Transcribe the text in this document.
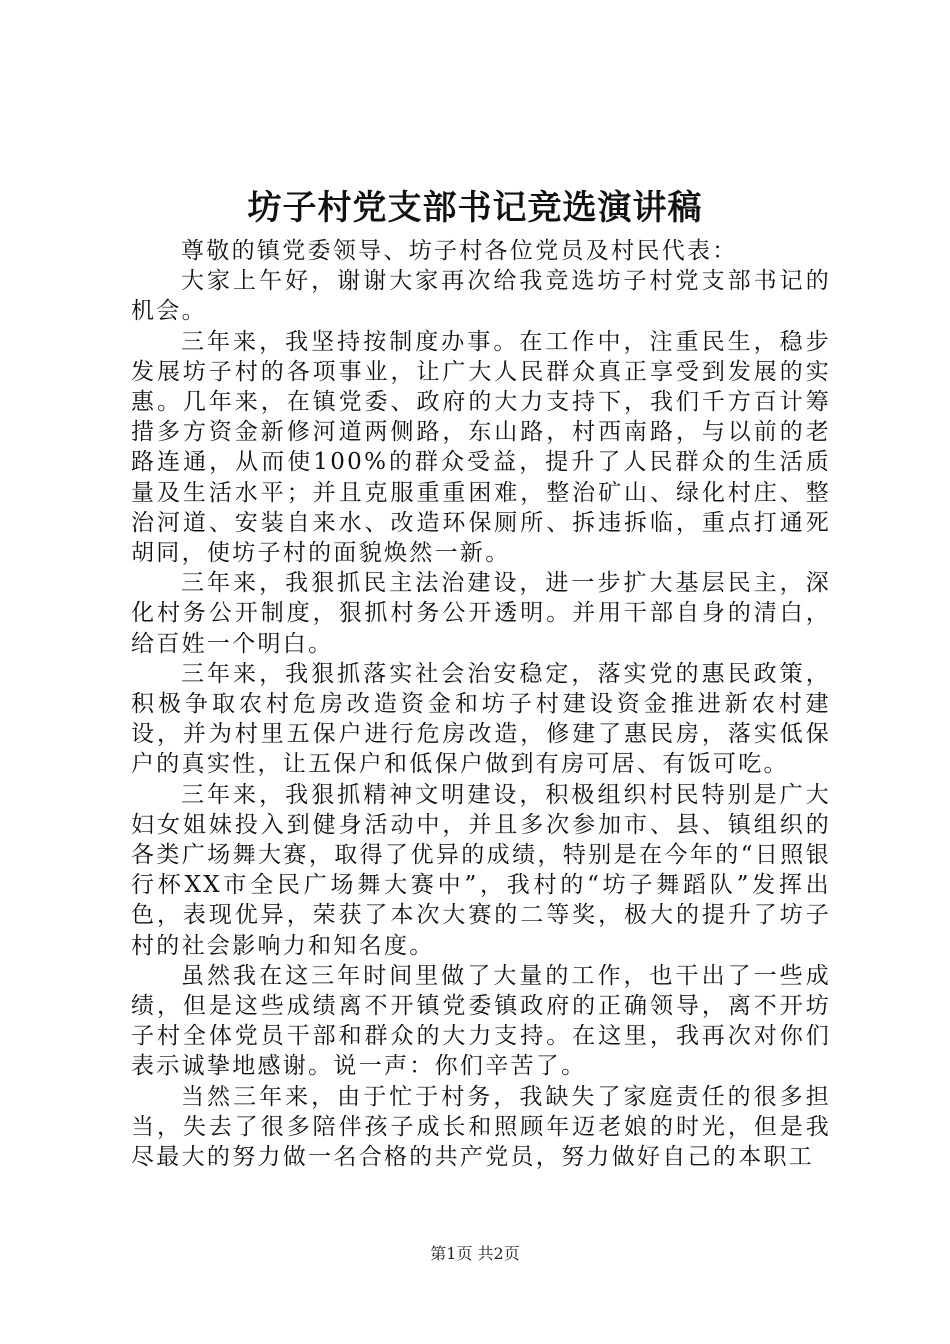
坊子村党支部书记竞选演讲稿

尊敬的镇党委领导、坊子村各位党员及村民代表：

大家上午好，谢谢大家再次给我竞选坊子村党支部书记的机会。

三年来，我坚持按制度办事。在工作中，注重民生，稳步发展坊子村的各项事业，让广大人民群众真正享受到发展的实惠。几年来，在镇党委、政府的大力支持下，我们千方百计筹措多方资金新修河道两侧路，东山路，村西南路，与以前的老路连通，从而使100%的群众受益，提升了人民群众的生活质量及生活水平；并且克服重重困难，整治矿山、绿化村庄、整治河道、安装自来水、改造环保厕所、拆违拆临，重点打通死胡同，使坊子村的面貌焕然一新。

三年来，我狠抓民主法治建设，进一步扩大基层民主，深化村务公开制度，狠抓村务公开透明。并用干部自身的清白，给百姓一个明白。

三年来，我狠抓落实社会治安稳定，落实党的惠民政策，积极争取农村危房改造资金和坊子村建设资金推进新农村建设，并为村里五保户进行危房改造，修建了惠民房，落实低保户的真实性，让五保户和低保户做到有房可居、有饭可吃。

三年来，我狠抓精神文明建设，积极组织村民特别是广大妇女姐妹投入到健身活动中，并且多次参加市、县、镇组织的各类广场舞大赛，取得了优异的成绩，特别是在今年的“日照银行杯XX市全民广场舞大赛中”，我村的“坊子舞蹈队”发挥出色，表现优异，荣获了本次大赛的二等奖，极大的提升了坊子村的社会影响力和知名度。

虽然我在这三年时间里做了大量的工作，也干出了一些成绩，但是这些成绩离不开镇党委镇政府的正确领导，离不开坊子村全体党员干部和群众的大力支持。在这里，我再次对你们表示诚挚地感谢。说一声：你们辛苦了。

当然三年来，由于忙于村务，我缺失了家庭责任的很多担当，失去了很多陪伴孩子成长和照顾年迈老娘的时光，但是我尽最大的努力做一名合格的共产党员，努力做好自己的本职工

第1页 共2页
